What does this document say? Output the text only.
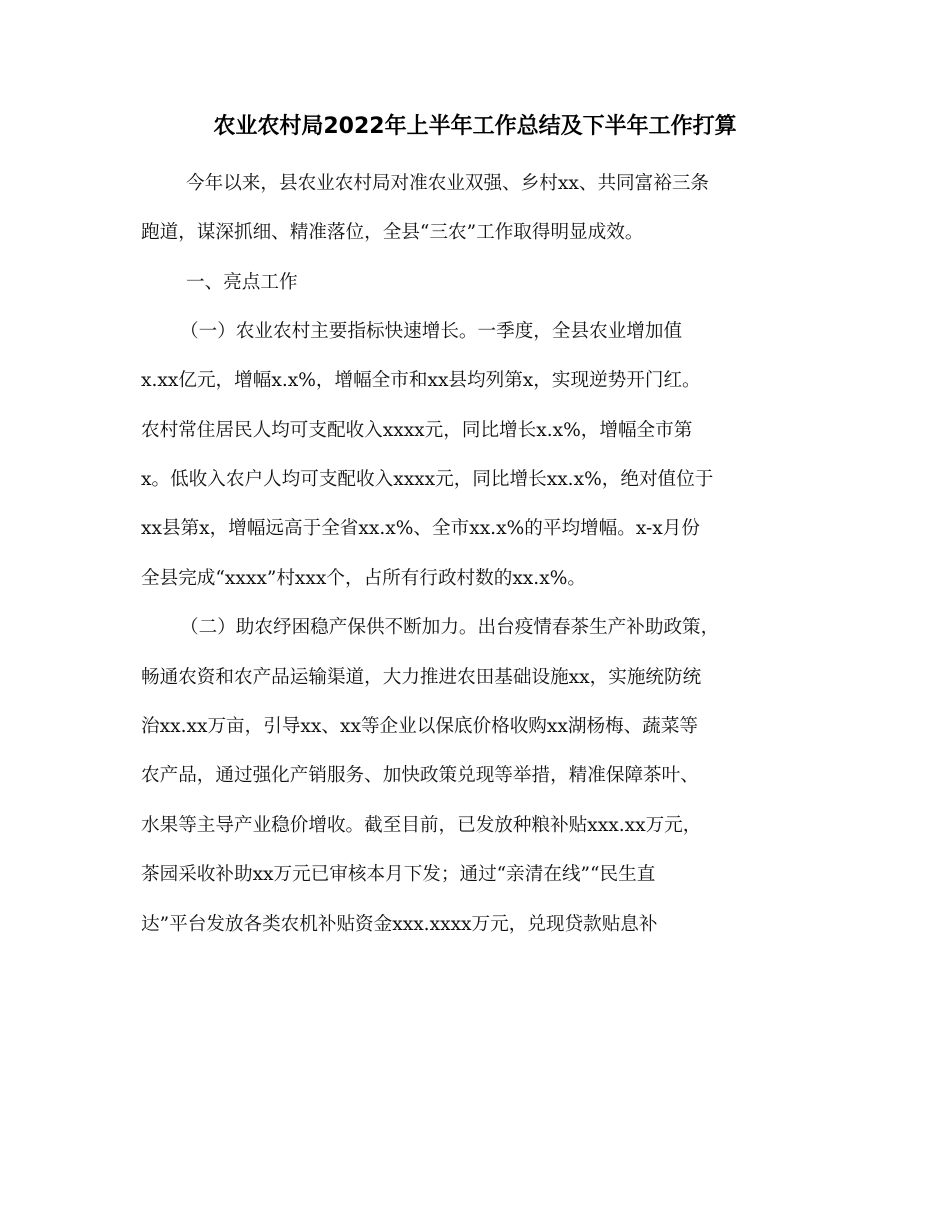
农业农村局2022年上半年工作总结及下半年工作打算
今年以来，县农业农村局对准农业双强、乡村xx、共同富裕三条
跑道，谋深抓细、精准落位，全县“三农”工作取得明显成效。
一、亮点工作
（一）农业农村主要指标快速增长。一季度，全县农业增加值
x.xx亿元，增幅x.x%，增幅全市和xx县均列第x，实现逆势开门红。
农村常住居民人均可支配收入xxxx元，同比增长x.x%，增幅全市第
x。低收入农户人均可支配收入xxxx元，同比增长xx.x%，绝对值位于
xx县第x，增幅远高于全省xx.x%、全市xx.x%的平均增幅。x-x月份
全县完成“xxxx”村xxx个，占所有行政村数的xx.x%。
（二）助农纾困稳产保供不断加力。出台疫情春茶生产补助政策，
畅通农资和农产品运输渠道，大力推进农田基础设施xx，实施统防统
治xx.xx万亩，引导xx、xx等企业以保底价格收购xx湖杨梅、蔬菜等
农产品，通过强化产销服务、加快政策兑现等举措，精准保障茶叶、
水果等主导产业稳价增收。截至目前，已发放种粮补贴xxx.xx万元，
茶园采收补助xx万元已审核本月下发；通过“亲清在线”“民生直
达”平台发放各类农机补贴资金xxx.xxxx万元，兑现贷款贴息补
